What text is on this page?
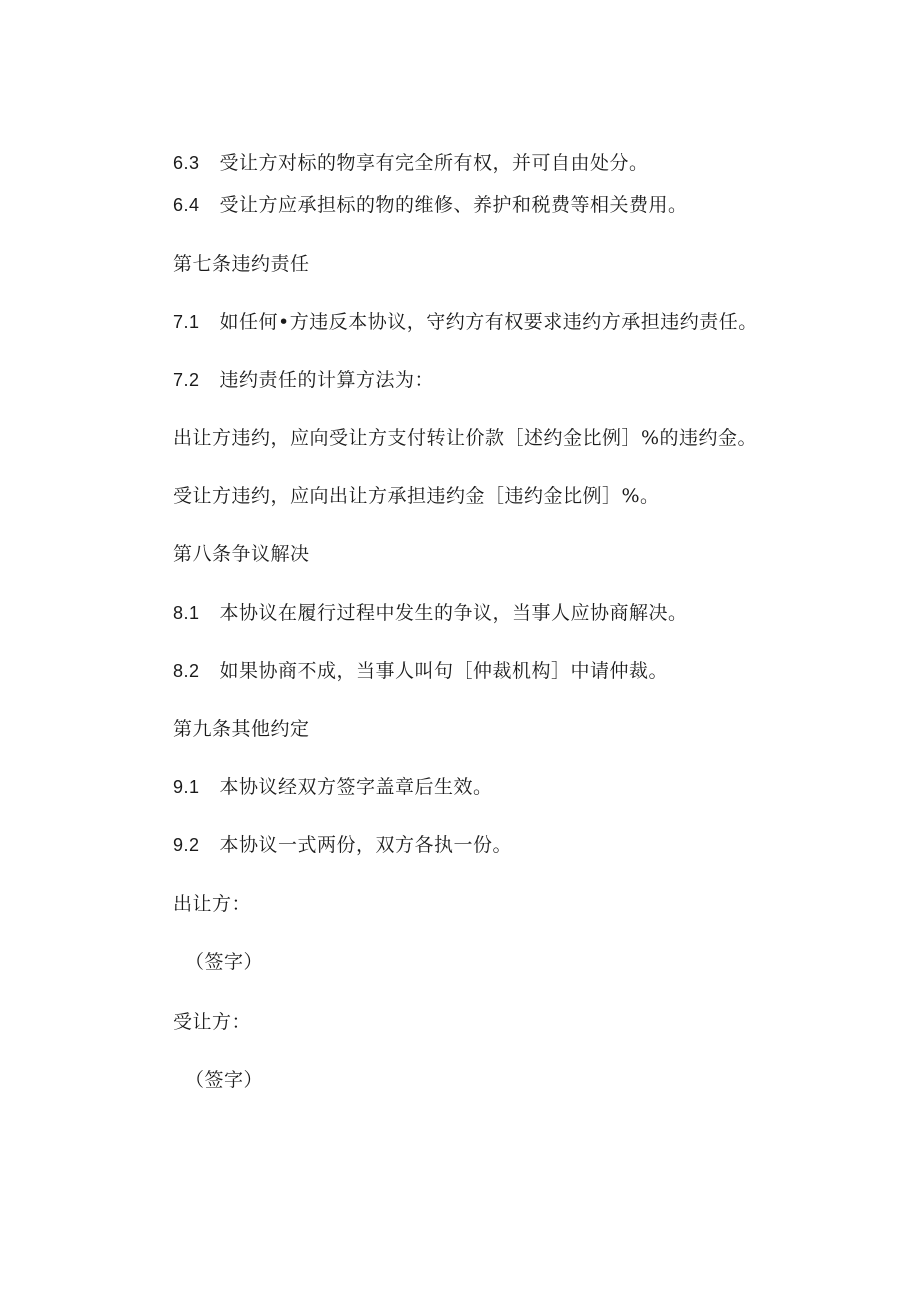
6.3 受让方对标的物享有完全所有权，并可自由处分。
6.4 受让方应承担标的物的维修、养护和税费等相关费用。
第七条违约责任
7.1 如任何•方违反本协议，守约方有权要求违约方承担违约责任。
7.2 违约责任的计算方法为：
出让方违约，应向受让方支付转让价款［述约金比例］%的违约金。
受让方违约，应向出让方承担违约金［违约金比例］%。
第八条争议解决
8.1 本协议在履行过程中发生的争议，当事人应协商解决。
8.2 如果协商不成，当事人叫句［仲裁机构］中请仲裁。
第九条其他约定
9.1 本协议经双方签字盖章后生效。
9.2 本协议一式两份，双方各执一份。
出让方：
（签字）
受让方：
（签字）
